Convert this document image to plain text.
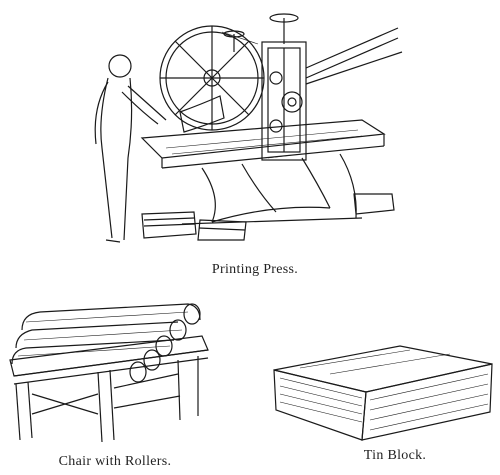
Printing Press.
Chair with Rollers.	Tin Block.
